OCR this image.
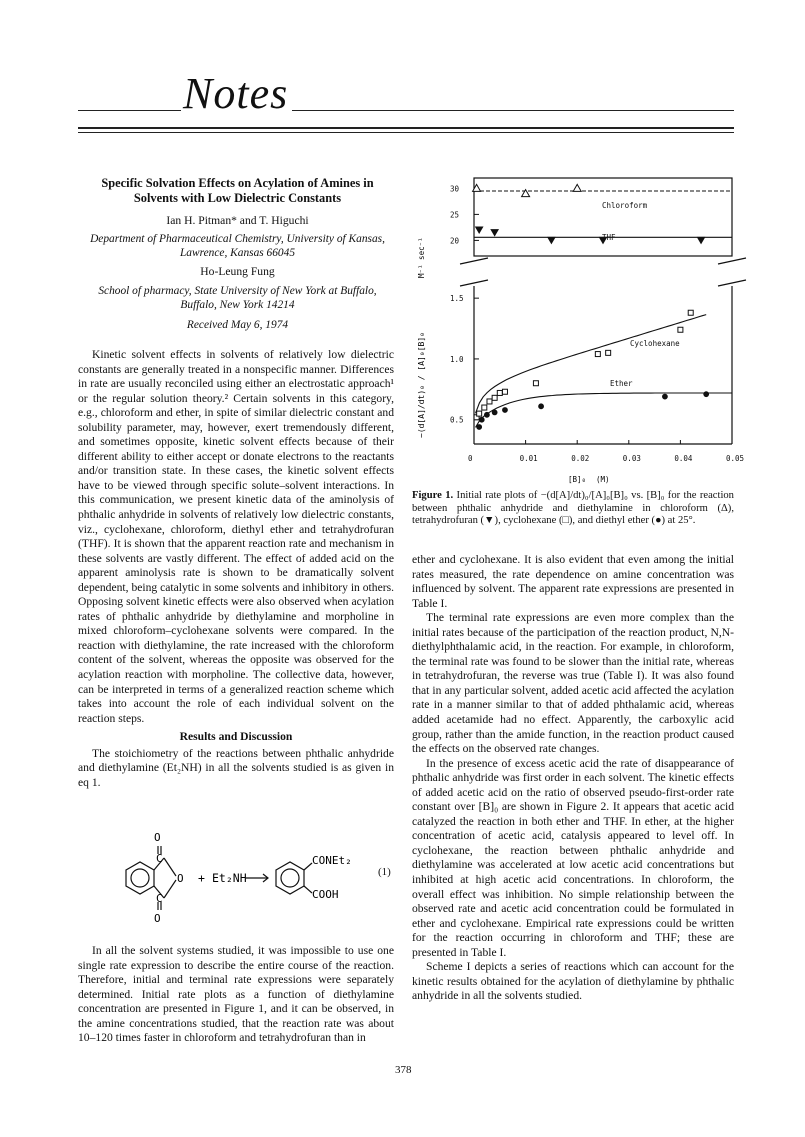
Notes
Specific Solvation Effects on Acylation of Amines in Solvents with Low Dielectric Constants
Ian H. Pitman* and T. Higuchi
Department of Pharmaceutical Chemistry, University of Kansas, Lawrence, Kansas 66045
Ho-Leung Fung
School of pharmacy, State University of New York at Buffalo, Buffalo, New York 14214
Received May 6, 1974

Kinetic solvent effects in solvents of relatively low dielectric constants are generally treated in a nonspecific manner. Differences in rate are usually reconciled using either an electrostatic approach¹ or the regular solution theory.² Certain solvents in this category, e.g., chloroform and ether, in spite of similar dielectric constant and solubility parameter, may, however, exert tremendously different, and sometimes opposite, kinetic solvent effects because of their different ability to either accept or donate electrons to the reactants and/or transition state. In these cases, the kinetic solvent effects have to be viewed through specific solute–solvent interactions. In this communication, we present kinetic data of the aminolysis of phthalic anhydride in solvents of relatively low dielectric constants, viz., cyclohexane, chloroform, diethyl ether and tetrahydrofuran (THF). It is shown that the apparent reaction rate and mechanism in these solvents are vastly different. The effect of added acid on the apparent aminolysis rate is shown to be dramatically solvent dependent, being catalytic in some solvents and inhibitory in others. Opposing solvent kinetic effects were also observed when acylation rates of phthalic anhydride by diethylamine and morpholine in mixed chloroform–cyclohexane solvents were compared. In the reaction with diethylamine, the rate increased with the chloroform content of the solvent, whereas the opposite was observed for the acylation reaction with morpholine. The collective data, however, can be interpreted in terms of a generalized reaction scheme which takes into account the role of each individual solvent on the reaction steps.

Results and Discussion

The stoichiometry of the reactions between phthalic anhydride and diethylamine (Et₂NH) in all the solvents studied is as given in eq 1.

O
C
C
O
O + Et₂NH
CONEt₂
COOH
(1)

In all the solvent systems studied, it was impossible to use one single rate expression to describe the entire course of the reaction. Therefore, initial and terminal rate expressions were separately determined. Initial rate plots as a function of diethylamine concentration are presented in Figure 1, and it can be observed, in the amine concentrations studied, that the reaction rate was about 10–120 times faster in chloroform and tetrahydrofuran than in

0	0.01	0.02	0.03	0.04	0.05
30
25
20
1.5
1.0
0.5
Chloroform
THF
Cyclohexane
Ether
−(d[A]/dt)₀ / [A]₀[B]₀
M⁻¹ sec⁻¹
[B]₀ (M)
Figure 1. Initial rate plots of −(d[A]/dt)₀/[A]₀[B]₀ vs. [B]₀ for the reaction between phthalic anhydride and diethylamine in chloroform (Δ), tetrahydrofuran (▼), cyclohexane (□), and diethyl ether (●) at 25°.

ether and cyclohexane. It is also evident that even among the initial rates measured, the rate dependence on amine concentration was influenced by solvent. The apparent rate expressions are presented in Table I.

The terminal rate expressions are even more complex than the initial rates because of the participation of the reaction product, N,N-diethylphthalamic acid, in the reaction. For example, in chloroform, the terminal rate was found to be slower than the initial rate, whereas in tetrahydrofuran, the reverse was true (Table I). It was also found that in any particular solvent, added acetic acid affected the acylation rate in a manner similar to that of added phthalamic acid, whereas added acetamide had no effect. Apparently, the carboxylic acid group, rather than the amide function, in the reaction product caused the effects on the observed rate changes.

In the presence of excess acetic acid the rate of disappearance of phthalic anhydride was first order in each solvent. The kinetic effects of added acetic acid on the ratio of observed pseudo-first-order rate constant over [B]₀ are shown in Figure 2. It appears that acetic acid catalyzed the reaction in both ether and THF. In ether, at the higher concentration of acetic acid, catalysis appeared to level off. In cyclohexane, the reaction between phthalic anhydride and diethylamine was accelerated at low acetic acid concentrations but inhibited at high acetic acid concentrations. In chloroform, the overall effect was inhibition. No simple relationship between the observed rate and acetic acid concentration could be formulated in ether and cyclohexane. Empirical rate expressions could be written for the reaction occurring in chloroform and THF; these are presented in Table I.

Scheme I depicts a series of reactions which can account for the kinetic results obtained for the acylation of diethylamine by phthalic anhydride in all the solvents studied.

378
